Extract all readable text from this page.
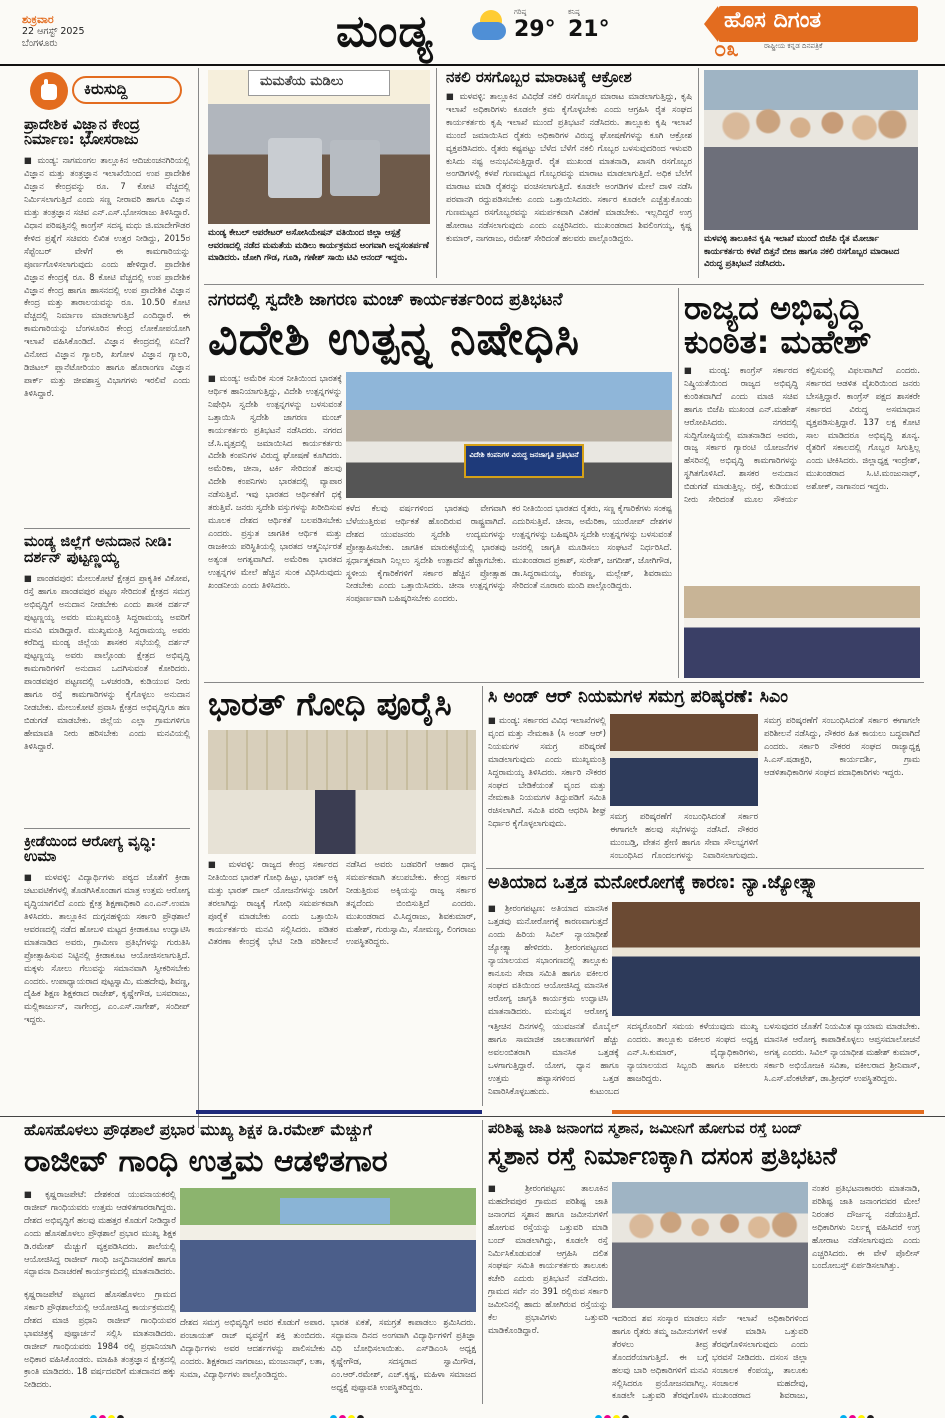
ಶುಕ್ರವಾರ
22 ಆಗಸ್ಟ್ 2025
ಬೆಂಗಳೂರು	ಮಂಡ್ಯ	ಗರಿಷ್ಠ
29°
ಕನಿಷ್ಠ
21°	ಹೊಸ ದಿಗಂತ
೦೩	ರಾಷ್ಟ್ರೀಯ ಕನ್ನಡ ದಿನಪತ್ರಿಕೆ
ಕಿರುಸುದ್ದಿ
ಪ್ರಾದೇಶಿಕ ವಿಜ್ಞಾನ ಕೇಂದ್ರ ನಿರ್ಮಾಣ: ಭೋಸರಾಜು
■ ಮಂಡ್ಯ: ನಾಗಮಂಗಲ ತಾಲ್ಲೂಕಿನ ಆದಿಚುಂಚನಗಿರಿಯಲ್ಲಿ ವಿಜ್ಞಾನ ಮತ್ತು ತಂತ್ರಜ್ಞಾನ ಇಲಾಖೆಯಿಂದ ಉಪ ಪ್ರಾದೇಶಿಕ ವಿಜ್ಞಾನ ಕೇಂದ್ರವನ್ನು ರೂ. 7 ಕೋಟಿ ವೆಚ್ಚದಲ್ಲಿ ನಿರ್ಮಿಸಲಾಗುತ್ತಿದೆ ಎಂದು ಸಣ್ಣ ನೀರಾವರಿ ಹಾಗೂ ವಿಜ್ಞಾನ ಮತ್ತು ತಂತ್ರಜ್ಞಾನ ಸಚಿವ ಎನ್.ಎಸ್.ಭೋಸರಾಜು ತಿಳಿಸಿದ್ದಾರೆ. ವಿಧಾನ ಪರಿಷತ್ತಿನಲ್ಲಿ ಕಾಂಗ್ರೆಸ್ ಸದಸ್ಯ ಮಧು ಜಿ.ಮಾದೇಗೌಡರ ಕೇಳಿದ ಪ್ರಶ್ನೆಗೆ ಸಚಿವರು ಲಿಖಿತ ಉತ್ತರ ನೀಡಿದ್ದು, 2015ರ ಸೆಪ್ಟೆಂಬರ್ ವೇಳೆಗೆ ಈ ಕಾಮಗಾರಿಯನ್ನು ಪೂರ್ಣಗೊಳಿಸಲಾಗುವುದು ಎಂದು ಹೇಳಿದ್ದಾರೆ. ಪ್ರಾದೇಶಿಕ ವಿಜ್ಞಾನ ಕೇಂದ್ರಕ್ಕೆ ರೂ. 8 ಕೋಟಿ ವೆಚ್ಚದಲ್ಲಿ ಉಪ ಪ್ರಾದೇಶಿಕ ವಿಜ್ಞಾನ ಕೇಂದ್ರ ಹಾಗೂ ಹಾಸನದಲ್ಲಿ ಉಪ ಪ್ರಾದೇಶಿಕ ವಿಜ್ಞಾನ ಕೇಂದ್ರ ಮತ್ತು ತಾರಾಲಯವನ್ನು ರೂ. 10.50 ಕೋಟಿ ವೆಚ್ಚದಲ್ಲಿ ನಿರ್ಮಾಣ ಮಾಡಲಾಗುತ್ತಿದೆ ಎಂದಿದ್ದಾರೆ. ಈ ಕಾಮಗಾರಿಯನ್ನು ಬೆಂಗಳೂರಿನ ಕೇಂದ್ರ ಲೋಕೋಪಯೋಗಿ ಇಲಾಖೆ ವಹಿಸಿಕೊಂಡಿದೆ. ವಿಜ್ಞಾನ ಕೇಂದ್ರದಲ್ಲಿ ಏನಿದೆ? ವಿನೋದ ವಿಜ್ಞಾನ ಗ್ಯಾಲರಿ, ಖಗೋಳ ವಿಜ್ಞಾನ ಗ್ಯಾಲರಿ, ಡಿಜಿಟಲ್ ಪ್ಲಾನೆಟೋರಿಯಂ ಹಾಗೂ ಹೊರಾಂಗಣ ವಿಜ್ಞಾನ ಪಾರ್ಕ್ ಮತ್ತು ಜೀವಶಾಸ್ತ್ರ ವಿಭಾಗಗಳು ಇರಲಿವೆ ಎಂದು ತಿಳಿಸಿದ್ದಾರೆ.
ಮಂಡ್ಯ ಜಿಲ್ಲೆಗೆ ಅನುದಾನ ನೀಡಿ: ದರ್ಶನ್ ಪುಟ್ಟಣ್ಣಯ್ಯ
■ ಪಾಂಡವಪುರ: ಮೇಲುಕೋಟೆ ಕ್ಷೇತ್ರದ ಪ್ರಾಕೃತಿಕ ವಿಕೋಪ, ರಸ್ತೆ ಹಾಗೂ ಪಾಂಡವಪುರ ಪಟ್ಟಣ ಸೇರಿದಂತೆ ಕ್ಷೇತ್ರದ ಸಮಗ್ರ ಅಭಿವೃದ್ಧಿಗೆ ಅನುದಾನ ನೀಡಬೇಕು ಎಂದು ಶಾಸಕ ದರ್ಶನ್ ಪುಟ್ಟಣ್ಣಯ್ಯ ಅವರು ಮುಖ್ಯಮಂತ್ರಿ ಸಿದ್ದರಾಮಯ್ಯ ಅವರಿಗೆ ಮನವಿ ಮಾಡಿದ್ದಾರೆ. ಮುಖ್ಯಮಂತ್ರಿ ಸಿದ್ದರಾಮಯ್ಯ ಅವರು ಕರೆದಿದ್ದ ಮಂಡ್ಯ ಜಿಲ್ಲೆಯ ಶಾಸಕರ ಸಭೆಯಲ್ಲಿ ದರ್ಶನ್ ಪುಟ್ಟಣ್ಣಯ್ಯ ಅವರು ಪಾಲ್ಗೊಂಡು ಕ್ಷೇತ್ರದ ಅಭಿವೃದ್ಧಿ ಕಾಮಗಾರಿಗಳಿಗೆ ಅನುದಾನ ಒದಗಿಸುವಂತೆ ಕೋರಿದರು. ಪಾಂಡವಪುರ ಪಟ್ಟಣದಲ್ಲಿ ಒಳಚರಂಡಿ, ಕುಡಿಯುವ ನೀರು ಹಾಗೂ ರಸ್ತೆ ಕಾಮಗಾರಿಗಳನ್ನು ಕೈಗೊಳ್ಳಲು ಅನುದಾನ ನೀಡಬೇಕು. ಮೇಲುಕೋಟೆ ಪ್ರವಾಸಿ ಕ್ಷೇತ್ರದ ಅಭಿವೃದ್ಧಿಗೂ ಹಣ ಬಿಡುಗಡೆ ಮಾಡಬೇಕು. ಜಿಲ್ಲೆಯ ಎಲ್ಲಾ ಗ್ರಾಮಗಳಿಗೂ ಹೇಮಾವತಿ ನೀರು ಹರಿಸಬೇಕು ಎಂದು ಮನವಿಯಲ್ಲಿ ತಿಳಿಸಿದ್ದಾರೆ.
ಕ್ರೀಡೆಯಿಂದ ಆರೋಗ್ಯ ವೃದ್ಧಿ: ಉಮಾ
■ ಮಳವಳ್ಳಿ: ವಿದ್ಯಾರ್ಥಿಗಳು ಪಠ್ಯದ ಜೊತೆಗೆ ಕ್ರೀಡಾ ಚಟುವಟಿಕೆಗಳಲ್ಲಿ ತೊಡಗಿಸಿಕೊಂಡಾಗ ಮಾತ್ರ ಉತ್ತಮ ಆರೋಗ್ಯ ವೃದ್ಧಿಯಾಗಲಿದೆ ಎಂದು ಕ್ಷೇತ್ರ ಶಿಕ್ಷಣಾಧಿಕಾರಿ ಎಂ.ಎನ್.ಉಮಾ ತಿಳಿಸಿದರು. ತಾಲ್ಲೂಕಿನ ದುಗ್ಗನಹಳ್ಳಿಯ ಸರ್ಕಾರಿ ಪ್ರೌಢಶಾಲೆ ಆವರಣದಲ್ಲಿ ನಡೆದ ಹೋಬಳಿ ಮಟ್ಟದ ಕ್ರೀಡಾಕೂಟ ಉದ್ಘಾಟಿಸಿ ಮಾತನಾಡಿದ ಅವರು, ಗ್ರಾಮೀಣ ಪ್ರತಿಭೆಗಳನ್ನು ಗುರುತಿಸಿ ಪ್ರೋತ್ಸಾಹಿಸುವ ನಿಟ್ಟಿನಲ್ಲಿ ಕ್ರೀಡಾಕೂಟ ಆಯೋಜಿಸಲಾಗುತ್ತಿದೆ. ಮಕ್ಕಳು ಸೋಲು ಗೆಲುವನ್ನು ಸಮಾನವಾಗಿ ಸ್ವೀಕರಿಸಬೇಕು ಎಂದರು. ಉಪಾಧ್ಯಾಯರಾದ ಪುಟ್ಟಸ್ವಾಮಿ, ಮಹದೇವು, ಶಿವಣ್ಣ, ದೈಹಿಕ ಶಿಕ್ಷಣ ಶಿಕ್ಷಕರಾದ ರಾಜೇಶ್, ಕೃಷ್ಣೇಗೌಡ, ಬಸವರಾಜು, ಮಲ್ಲಿಕಾರ್ಜುನ್, ನಾಗೇಂದ್ರ, ಎಂ.ಎಸ್.ನಾಗೇಶ್, ಸಂದೀಪ್ ಇದ್ದರು.
ಮಮತೆಯ ಮಡಿಲು
ಮಂಡ್ಯ ಕೇಬಲ್ ಆಪರೇಟರ್ ಅಸೋಸಿಯೇಷನ್ ವತಿಯಿಂದ ಜಿಲ್ಲಾ ಆಸ್ಪತ್ರೆ ಆವರಣದಲ್ಲಿ ನಡೆದ ಮಮತೆಯ ಮಡಿಲು ಕಾರ್ಯಕ್ರಮದ ಅಂಗವಾಗಿ ಅನ್ನಸಂತರ್ಪಣೆ ಮಾಡಿದರು. ಜೋಗಿ ಗೌಡ, ಗೂಡಿ, ಗಣೇಶ್ ಸಾಯಿ ಟಿವಿ ಆನಂದ್ ಇದ್ದರು.
ನಕಲಿ ರಸಗೊಬ್ಬರ ಮಾರಾಟಕ್ಕೆ ಆಕ್ರೋಶ
■ ಮಳವಳ್ಳಿ: ತಾಲ್ಲೂಕಿನ ವಿವಿಧೆಡೆ ನಕಲಿ ರಸಗೊಬ್ಬರ ಮಾರಾಟ ಮಾಡಲಾಗುತ್ತಿದ್ದು, ಕೃಷಿ ಇಲಾಖೆ ಅಧಿಕಾರಿಗಳು ಕೂಡಲೇ ಕ್ರಮ ಕೈಗೊಳ್ಳಬೇಕು ಎಂದು ಆಗ್ರಹಿಸಿ ರೈತ ಸಂಘದ ಕಾರ್ಯಕರ್ತರು ಕೃಷಿ ಇಲಾಖೆ ಮುಂದೆ ಪ್ರತಿಭಟನೆ ನಡೆಸಿದರು. ತಾಲ್ಲೂಕು ಕೃಷಿ ಇಲಾಖೆ ಮುಂದೆ ಜಮಾಯಿಸಿದ ರೈತರು ಅಧಿಕಾರಿಗಳ ವಿರುದ್ಧ ಘೋಷಣೆಗಳನ್ನು ಕೂಗಿ ಆಕ್ರೋಶ ವ್ಯಕ್ತಪಡಿಸಿದರು. ರೈತರು ಕಷ್ಟಪಟ್ಟು ಬೆಳೆದ ಬೆಳೆಗೆ ನಕಲಿ ಗೊಬ್ಬರ ಬಳಸುವುದರಿಂದ ಇಳುವರಿ ಕುಸಿದು ನಷ್ಟ ಅನುಭವಿಸುತ್ತಿದ್ದಾರೆ. ರೈತ ಮುಖಂಡ ಮಾತನಾಡಿ, ಖಾಸಗಿ ರಸಗೊಬ್ಬರ ಅಂಗಡಿಗಳಲ್ಲಿ ಕಳಪೆ ಗುಣಮಟ್ಟದ ಗೊಬ್ಬರವನ್ನು ಮಾರಾಟ ಮಾಡಲಾಗುತ್ತಿದೆ. ಅಧಿಕ ಬೆಲೆಗೆ ಮಾರಾಟ ಮಾಡಿ ರೈತರನ್ನು ವಂಚಿಸಲಾಗುತ್ತಿದೆ. ಕೂಡಲೇ ಅಂಗಡಿಗಳ ಮೇಲೆ ದಾಳಿ ನಡೆಸಿ ಪರವಾನಗಿ ರದ್ದುಪಡಿಸಬೇಕು ಎಂದು ಒತ್ತಾಯಿಸಿದರು. ಸರ್ಕಾರ ಕೂಡಲೇ ಎಚ್ಚೆತ್ತುಕೊಂಡು ಗುಣಮಟ್ಟದ ರಸಗೊಬ್ಬರವನ್ನು ಸಮರ್ಪಕವಾಗಿ ವಿತರಣೆ ಮಾಡಬೇಕು. ಇಲ್ಲದಿದ್ದರೆ ಉಗ್ರ ಹೋರಾಟ ನಡೆಸಲಾಗುವುದು ಎಂದು ಎಚ್ಚರಿಸಿದರು. ಮುಖಂಡರಾದ ಶಿವಲಿಂಗಯ್ಯ, ಕೃಷ್ಣ ಕುಮಾರ್, ನಾಗರಾಜು, ರಮೇಶ್ ಸೇರಿದಂತೆ ಹಲವರು ಪಾಲ್ಗೊಂಡಿದ್ದರು.	ಮಳವಳ್ಳಿ ತಾಲೂಕಿನ ಕೃಷಿ ಇಲಾಖೆ ಮುಂದೆ ಬಿಜೆಪಿ ರೈತ ಮೋರ್ಚಾ ಕಾರ್ಯಕರ್ತರು ಕಳಪೆ ಬಿತ್ತನೆ ಬೀಜ ಹಾಗೂ ನಕಲಿ ರಸಗೊಬ್ಬರ ಮಾರಾಟದ ವಿರುದ್ಧ ಪ್ರತಿಭಟನೆ ನಡೆಸಿದರು.
ನಗರದಲ್ಲಿ ಸ್ವದೇಶಿ ಜಾಗರಣ ಮಂಚ್ ಕಾರ್ಯಕರ್ತರಿಂದ ಪ್ರತಿಭಟನೆ
ವಿದೇಶಿ ಉತ್ಪನ್ನ ನಿಷೇಧಿಸಿ
■ ಮಂಡ್ಯ: ಅಮೆರಿಕ ಸುಂಕ ನೀತಿಯಿಂದ ಭಾರತಕ್ಕೆ ಆರ್ಥಿಕ ಹಾನಿಯಾಗುತ್ತಿದ್ದು, ವಿದೇಶಿ ಉತ್ಪನ್ನಗಳನ್ನು ನಿಷೇಧಿಸಿ ಸ್ವದೇಶಿ ಉತ್ಪನ್ನಗಳನ್ನು ಬಳಸುವಂತೆ ಒತ್ತಾಯಿಸಿ ಸ್ವದೇಶಿ ಜಾಗರಣ ಮಂಚ್ ಕಾರ್ಯಕರ್ತರು ಪ್ರತಿಭಟನೆ ನಡೆಸಿದರು. ನಗರದ ಜೆ.ಸಿ.ವೃತ್ತದಲ್ಲಿ ಜಮಾಯಿಸಿದ ಕಾರ್ಯಕರ್ತರು ವಿದೇಶಿ ಕಂಪನಿಗಳ ವಿರುದ್ಧ ಘೋಷಣೆ ಕೂಗಿದರು. ಅಮೆರಿಕಾ, ಚೀನಾ, ಟರ್ಕಿ ಸೇರಿದಂತೆ ಹಲವು ವಿದೇಶಿ ಕಂಪನಿಗಳು ಭಾರತದಲ್ಲಿ ವ್ಯಾಪಾರ ನಡೆಸುತ್ತಿವೆ. ಇವು ಭಾರತದ ಆರ್ಥಿಕತೆಗೆ ಧಕ್ಕೆ ತರುತ್ತಿವೆ. ಜನರು ಸ್ವದೇಶಿ ವಸ್ತುಗಳನ್ನು ಖರೀದಿಸುವ ಮೂಲಕ ದೇಶದ ಆರ್ಥಿಕತೆ ಬಲಪಡಿಸಬೇಕು ಎಂದರು. ಪ್ರಸ್ತುತ ಜಾಗತಿಕ ಆರ್ಥಿಕ ಮತ್ತು ರಾಜಕೀಯ ಪರಿಸ್ಥಿತಿಯಲ್ಲಿ ಭಾರತದ ಆತ್ಮನಿರ್ಭರತೆ ಅತ್ಯಂತ ಅಗತ್ಯವಾಗಿದೆ. ಅಮೆರಿಕಾ ಭಾರತದ ಉತ್ಪನ್ನಗಳ ಮೇಲೆ ಹೆಚ್ಚಿನ ಸುಂಕ ವಿಧಿಸಿರುವುದು ಖಂಡನೀಯ ಎಂದು ತಿಳಿಸಿದರು.
ವಿದೇಶಿ ಕಂಪನಿಗಳ ವಿರುದ್ಧ ಜನಜಾಗೃತಿ ಪ್ರತಿಭಟನೆ
ಕಳೆದ ಕೆಲವು ವರ್ಷಗಳಿಂದ ಭಾರತವು ವೇಗವಾಗಿ ಬೆಳೆಯುತ್ತಿರುವ ಆರ್ಥಿಕತೆ ಹೊಂದಿರುವ ರಾಷ್ಟ್ರವಾಗಿದೆ. ದೇಶದ ಯುವಜನರು ಸ್ವದೇಶಿ ಉದ್ಯಮಗಳನ್ನು ಪ್ರೋತ್ಸಾಹಿಸಬೇಕು. ಜಾಗತಿಕ ಮಾರುಕಟ್ಟೆಯಲ್ಲಿ ಭಾರತವು ಸ್ಪರ್ಧಾತ್ಮಕವಾಗಿ ನಿಲ್ಲಲು ಸ್ವದೇಶಿ ಉತ್ಪಾದನೆ ಹೆಚ್ಚಾಗಬೇಕು. ಸ್ಥಳೀಯ ಕೈಗಾರಿಕೆಗಳಿಗೆ ಸರ್ಕಾರ ಹೆಚ್ಚಿನ ಪ್ರೋತ್ಸಾಹ ನೀಡಬೇಕು ಎಂದು ಒತ್ತಾಯಿಸಿದರು. ಚೀನಾ ಉತ್ಪನ್ನಗಳನ್ನು ಸಂಪೂರ್ಣವಾಗಿ ಬಹಿಷ್ಕರಿಸಬೇಕು ಎಂದರು.
ಕರ ನೀತಿಯಿಂದ ಭಾರತದ ರೈತರು, ಸಣ್ಣ ಕೈಗಾರಿಕೆಗಳು ಸಂಕಷ್ಟ ಎದುರಿಸುತ್ತಿವೆ. ಚೀನಾ, ಅಮೆರಿಕಾ, ಯುರೋಪ್ ದೇಶಗಳ ಉತ್ಪನ್ನಗಳನ್ನು ಬಹಿಷ್ಕರಿಸಿ ಸ್ವದೇಶಿ ಉತ್ಪನ್ನಗಳನ್ನು ಬಳಸುವಂತೆ ಜನರಲ್ಲಿ ಜಾಗೃತಿ ಮೂಡಿಸಲು ಸಂಘಟನೆ ನಿರ್ಧರಿಸಿದೆ. ಮುಖಂಡರಾದ ಪ್ರಕಾಶ್, ಸುರೇಶ್, ಜಗದೀಶ್, ಜೋಗಿಗೌಡ, ಡಾ.ಸಿದ್ದರಾಮಯ್ಯ, ಕೆಂಪಣ್ಣ, ಮಲ್ಲೇಶ್, ಶಿವರಾಮು ಸೇರಿದಂತೆ ನೂರಾರು ಮಂದಿ ಪಾಲ್ಗೊಂಡಿದ್ದರು.
ರಾಜ್ಯದ ಅಭಿವೃದ್ಧಿ ಕುಂಠಿತ: ಮಹೇಶ್
■ ಮಂಡ್ಯ: ಕಾಂಗ್ರೆಸ್ ಸರ್ಕಾರದ ನಿಷ್ಕ್ರಿಯತೆಯಿಂದ ರಾಜ್ಯದ ಅಭಿವೃದ್ಧಿ ಕುಂಠಿತವಾಗಿದೆ ಎಂದು ಮಾಜಿ ಸಚಿವ ಹಾಗೂ ಬಿಜೆಪಿ ಮುಖಂಡ ಎನ್.ಮಹೇಶ್ ಆರೋಪಿಸಿದರು. ನಗರದಲ್ಲಿ ಸುದ್ದಿಗೋಷ್ಠಿಯಲ್ಲಿ ಮಾತನಾಡಿದ ಅವರು, ರಾಜ್ಯ ಸರ್ಕಾರ ಗ್ಯಾರಂಟಿ ಯೋಜನೆಗಳ ಹೆಸರಿನಲ್ಲಿ ಅಭಿವೃದ್ಧಿ ಕಾಮಗಾರಿಗಳನ್ನು ಸ್ಥಗಿತಗೊಳಿಸಿದೆ. ಶಾಸಕರ ಅನುದಾನ ಬಿಡುಗಡೆ ಮಾಡುತ್ತಿಲ್ಲ. ರಸ್ತೆ, ಕುಡಿಯುವ ನೀರು ಸೇರಿದಂತೆ ಮೂಲ ಸೌಕರ್ಯ ಕಲ್ಪಿಸುವಲ್ಲಿ ವಿಫಲವಾಗಿದೆ ಎಂದರು. ಸರ್ಕಾರದ ಆಡಳಿತ ವೈಖರಿಯಿಂದ ಜನರು ಬೇಸತ್ತಿದ್ದಾರೆ. ಕಾಂಗ್ರೆಸ್ ಪಕ್ಷದ ಶಾಸಕರೇ ಸರ್ಕಾರದ ವಿರುದ್ಧ ಅಸಮಾಧಾನ ವ್ಯಕ್ತಪಡಿಸುತ್ತಿದ್ದಾರೆ. 137 ಲಕ್ಷ ಕೋಟಿ ಸಾಲ ಮಾಡಿದರೂ ಅಭಿವೃದ್ಧಿ ಶೂನ್ಯ. ರೈತರಿಗೆ ಸಕಾಲದಲ್ಲಿ ಗೊಬ್ಬರ ಸಿಗುತ್ತಿಲ್ಲ ಎಂದು ಟೀಕಿಸಿದರು. ಜಿಲ್ಲಾಧ್ಯಕ್ಷ ಇಂದ್ರೇಶ್, ಮುಖಂಡರಾದ ಸಿ.ಟಿ.ಮಂಜುನಾಥ್, ಅಶೋಕ್, ನಾಗಾನಂದ ಇದ್ದರು.
ಭಾರತ್ ಗೋಧಿ ಪೂರೈಸಿ
■ ಮಳವಳ್ಳಿ: ರಾಜ್ಯದ ಕೇಂದ್ರ ಸರ್ಕಾರದ ನೀತಿಯಿಂದ ಭಾರತ್ ಗೋಧಿ ಹಿಟ್ಟು, ಭಾರತ್ ಅಕ್ಕಿ ಮತ್ತು ಭಾರತ್ ದಾಲ್ ಯೋಜನೆಗಳನ್ನು ಜಾರಿಗೆ ತರಲಾಗಿದ್ದು ರಾಜ್ಯಕ್ಕೆ ಗೋಧಿ ಸಮರ್ಪಕವಾಗಿ ಪೂರೈಕೆ ಮಾಡಬೇಕು ಎಂದು ಒತ್ತಾಯಿಸಿ ಕಾರ್ಯಕರ್ತರು ಮನವಿ ಸಲ್ಲಿಸಿದರು. ಪಡಿತರ ವಿತರಣಾ ಕೇಂದ್ರಕ್ಕೆ ಭೇಟಿ ನೀಡಿ ಪರಿಶೀಲನೆ ನಡೆಸಿದ ಅವರು ಬಡವರಿಗೆ ಆಹಾರ ಧಾನ್ಯ ಸಮರ್ಪಕವಾಗಿ ತಲುಪಬೇಕು. ಕೇಂದ್ರ ಸರ್ಕಾರ ನೀಡುತ್ತಿರುವ ಅಕ್ಕಿಯನ್ನು ರಾಜ್ಯ ಸರ್ಕಾರ ತನ್ನದೆಂದು ಬಿಂಬಿಸುತ್ತಿದೆ ಎಂದರು. ಮುಖಂಡರಾದ ವಿ.ಸಿದ್ದರಾಜು, ಶಿವಕುಮಾರ್, ಮಹೇಶ್, ಗುರುಸ್ವಾಮಿ, ಸೋಮಣ್ಣ, ಲಿಂಗರಾಜು ಉಪಸ್ಥಿತರಿದ್ದರು.
ಸಿ ಅಂಡ್ ಆರ್ ನಿಯಮಗಳ ಸಮಗ್ರ ಪರಿಷ್ಕರಣೆ: ಸಿಎಂ
■ ಮಂಡ್ಯ: ಸರ್ಕಾರದ ವಿವಿಧ ಇಲಾಖೆಗಳಲ್ಲಿ ವೃಂದ ಮತ್ತು ನೇಮಕಾತಿ (ಸಿ ಅಂಡ್ ಆರ್) ನಿಯಮಗಳ ಸಮಗ್ರ ಪರಿಷ್ಕರಣೆ ಮಾಡಲಾಗುವುದು ಎಂದು ಮುಖ್ಯಮಂತ್ರಿ ಸಿದ್ದರಾಮಯ್ಯ ತಿಳಿಸಿದರು. ಸರ್ಕಾರಿ ನೌಕರರ ಸಂಘದ ಬೇಡಿಕೆಯಂತೆ ವೃಂದ ಮತ್ತು ನೇಮಕಾತಿ ನಿಯಮಗಳ ತಿದ್ದುಪಡಿಗೆ ಸಮಿತಿ ರಚಿಸಲಾಗಿದೆ. ಸಮಿತಿ ವರದಿ ಆಧರಿಸಿ ಶೀಘ್ರ ನಿರ್ಧಾರ ಕೈಗೊಳ್ಳಲಾಗುವುದು.
ಸಮಗ್ರ ಪರಿಷ್ಕರಣೆಗೆ ಸಂಬಂಧಿಸಿದಂತೆ ಸರ್ಕಾರ ಈಗಾಗಲೇ ಹಲವು ಸಭೆಗಳನ್ನು ನಡೆಸಿದೆ. ನೌಕರರ ಮುಂಬಡ್ತಿ, ವೇತನ ಶ್ರೇಣಿ ಹಾಗೂ ಸೇವಾ ಸೌಲಭ್ಯಗಳಿಗೆ ಸಂಬಂಧಿಸಿದ ಗೊಂದಲಗಳನ್ನು ನಿವಾರಿಸಲಾಗುವುದು.
ಸಮಗ್ರ ಪರಿಷ್ಕರಣೆಗೆ ಸಂಬಂಧಿಸಿದಂತೆ ಸರ್ಕಾರ ಈಗಾಗಲೇ ಪರಿಶೀಲನೆ ನಡೆಸಿದ್ದು, ನೌಕರರ ಹಿತ ಕಾಯಲು ಬದ್ಧವಾಗಿದೆ ಎಂದರು. ಸರ್ಕಾರಿ ನೌಕರರ ಸಂಘದ ರಾಜ್ಯಾಧ್ಯಕ್ಷ ಸಿ.ಎಸ್.ಷಡಾಕ್ಷರಿ, ಕಾರ್ಯದರ್ಶಿ, ಗ್ರಾಮ ಆಡಳಿತಾಧಿಕಾರಿಗಳ ಸಂಘದ ಪದಾಧಿಕಾರಿಗಳು ಇದ್ದರು.
ಅತಿಯಾದ ಒತ್ತಡ ಮನೋರೋಗಕ್ಕೆ ಕಾರಣ: ನ್ಯಾ.ಜ್ಯೋತ್ಸ್ನಾ
■ ಶ್ರೀರಂಗಪಟ್ಟಣ: ಅತಿಯಾದ ಮಾನಸಿಕ ಒತ್ತಡವು ಮನೋರೋಗಕ್ಕೆ ಕಾರಣವಾಗುತ್ತದೆ ಎಂದು ಹಿರಿಯ ಸಿವಿಲ್ ನ್ಯಾಯಾಧೀಶೆ ಜ್ಯೋತ್ಸ್ನಾ ಹೇಳಿದರು. ಶ್ರೀರಂಗಪಟ್ಟಣದ ನ್ಯಾಯಾಲಯದ ಸಭಾಂಗಣದಲ್ಲಿ ತಾಲ್ಲೂಕು ಕಾನೂನು ಸೇವಾ ಸಮಿತಿ ಹಾಗೂ ವಕೀಲರ ಸಂಘದ ವತಿಯಿಂದ ಆಯೋಜಿಸಿದ್ದ ಮಾನಸಿಕ ಆರೋಗ್ಯ ಜಾಗೃತಿ ಕಾರ್ಯಕ್ರಮ ಉದ್ಘಾಟಿಸಿ ಮಾತನಾಡಿದರು. ಮನುಷ್ಯನ ಆರೋಗ್ಯ
ಇತ್ತೀಚಿನ ದಿನಗಳಲ್ಲಿ ಯುವಜನತೆ ಮೊಬೈಲ್ ಹಾಗೂ ಸಾಮಾಜಿಕ ಜಾಲತಾಣಗಳಿಗೆ ಹೆಚ್ಚು ಅವಲಂಬಿತರಾಗಿ ಮಾನಸಿಕ ಒತ್ತಡಕ್ಕೆ ಒಳಗಾಗುತ್ತಿದ್ದಾರೆ. ಯೋಗ, ಧ್ಯಾನ ಹಾಗೂ ಉತ್ತಮ ಹವ್ಯಾಸಗಳಿಂದ ಒತ್ತಡ ನಿವಾರಿಸಿಕೊಳ್ಳಬಹುದು. ಕುಟುಂಬದ ಸದಸ್ಯರೊಂದಿಗೆ ಸಮಯ ಕಳೆಯುವುದು ಮುಖ್ಯ ಎಂದರು. ತಾಲ್ಲೂಕು ವಕೀಲರ ಸಂಘದ ಅಧ್ಯಕ್ಷ ಎನ್.ಸಿ.ಕುಮಾರ್, ವೈದ್ಯಾಧಿಕಾರಿಗಳು, ನ್ಯಾಯಾಲಯದ ಸಿಬ್ಬಂದಿ ಹಾಗೂ ವಕೀಲರು ಹಾಜರಿದ್ದರು.
ಬಳಸುವುದರ ಜೊತೆಗೆ ನಿಯಮಿತ ವ್ಯಾಯಾಮ ಮಾಡಬೇಕು. ಮಾನಸಿಕ ಆರೋಗ್ಯ ಕಾಪಾಡಿಕೊಳ್ಳಲು ಆಪ್ತಸಮಾಲೋಚನೆ ಅಗತ್ಯ ಎಂದರು. ಸಿವಿಲ್ ನ್ಯಾಯಾಧೀಶ ಮಹೇಶ್ ಕುಮಾರ್, ಸರ್ಕಾರಿ ಅಭಿಯೋಜಕಿ ಸವಿತಾ, ವಕೀಲರಾದ ಶ್ರೀನಿವಾಸ್, ಸಿ.ಎಸ್.ವೆಂಕಟೇಶ್, ಡಾ.ಶ್ರೀಧರ್ ಉಪಸ್ಥಿತರಿದ್ದರು.
ಹೊಸಹೊಳಲು ಪ್ರೌಢಶಾಲೆ ಪ್ರಭಾರ ಮುಖ್ಯ ಶಿಕ್ಷಕ ಡಿ.ರಮೇಶ್ ಮೆಚ್ಚುಗೆ
ರಾಜೀವ್ ಗಾಂಧಿ ಉತ್ತಮ ಆಡಳಿತಗಾರ
■ ಕೃಷ್ಣರಾಜಪೇಟೆ: ದೇಶಕಂಡ ಯುವನಾಯಕರಲ್ಲಿ ರಾಜೀವ್ ಗಾಂಧಿಯವರು ಉತ್ತಮ ಆಡಳಿತಗಾರರಾಗಿದ್ದರು. ದೇಶದ ಅಭಿವೃದ್ಧಿಗೆ ಹಲವು ಮಹತ್ತರ ಕೊಡುಗೆ ನೀಡಿದ್ದಾರೆ ಎಂದು ಹೊಸಹೊಳಲು ಪ್ರೌಢಶಾಲೆ ಪ್ರಭಾರ ಮುಖ್ಯ ಶಿಕ್ಷಕ ಡಿ.ರಮೇಶ್ ಮೆಚ್ಚುಗೆ ವ್ಯಕ್ತಪಡಿಸಿದರು. ಶಾಲೆಯಲ್ಲಿ ಆಯೋಜಿಸಿದ್ದ ರಾಜೀವ್ ಗಾಂಧಿ ಜನ್ಮದಿನಾಚರಣೆ ಹಾಗೂ ಸದ್ಭಾವನಾ ದಿನಾಚರಣೆ ಕಾರ್ಯಕ್ರಮದಲ್ಲಿ ಮಾತನಾಡಿದರು.
ಕೃಷ್ಣರಾಜಪೇಟೆ ಪಟ್ಟಣದ ಹೊಸಹೊಳಲು ಗ್ರಾಮದ ಸರ್ಕಾರಿ ಪ್ರೌಢಶಾಲೆಯಲ್ಲಿ ಆಯೋಜಿಸಿದ್ದ ಕಾರ್ಯಕ್ರಮದಲ್ಲಿ ದೇಶದ ಮಾಜಿ ಪ್ರಧಾನಿ ರಾಜೀವ್ ಗಾಂಧಿಯವರ ಭಾವಚಿತ್ರಕ್ಕೆ ಪುಷ್ಪಾರ್ಚನೆ ಸಲ್ಲಿಸಿ ಮಾತನಾಡಿದರು. ರಾಜೀವ್ ಗಾಂಧಿಯವರು 1984 ರಲ್ಲಿ ಪ್ರಧಾನಿಯಾಗಿ ಅಧಿಕಾರ ವಹಿಸಿಕೊಂಡರು. ಮಾಹಿತಿ ತಂತ್ರಜ್ಞಾನ ಕ್ಷೇತ್ರದಲ್ಲಿ ಕ್ರಾಂತಿ ಮಾಡಿದರು. 18 ವರ್ಷದವರಿಗೆ ಮತದಾನದ ಹಕ್ಕು ನೀಡಿದರು.
ದೇಶದ ಸಮಗ್ರ ಅಭಿವೃದ್ಧಿಗೆ ಅವರ ಕೊಡುಗೆ ಅಪಾರ. ಪಂಚಾಯತ್ ರಾಜ್ ವ್ಯವಸ್ಥೆಗೆ ಶಕ್ತಿ ತುಂಬಿದರು. ವಿದ್ಯಾರ್ಥಿಗಳು ಅವರ ಆದರ್ಶಗಳನ್ನು ಪಾಲಿಸಬೇಕು ಎಂದರು. ಶಿಕ್ಷಕರಾದ ನಾಗರಾಜು, ಮಂಜುನಾಥ್, ಲತಾ, ಸುಮಾ, ವಿದ್ಯಾರ್ಥಿಗಳು ಪಾಲ್ಗೊಂಡಿದ್ದರು.
ಭಾರತ ಏಕತೆ, ಸಮಗ್ರತೆ ಕಾಪಾಡಲು ಶ್ರಮಿಸಿದರು. ಸದ್ಭಾವನಾ ದಿನದ ಅಂಗವಾಗಿ ವಿದ್ಯಾರ್ಥಿಗಳಿಗೆ ಪ್ರತಿಜ್ಞಾ ವಿಧಿ ಬೋಧಿಸಲಾಯಿತು. ಎಸ್‌ಡಿಎಂಸಿ ಅಧ್ಯಕ್ಷ ಕೃಷ್ಣೇಗೌಡ, ಸದಸ್ಯರಾದ ಸ್ವಾಮಿಗೌಡ, ಎಂ.ಆರ್.ರಮೇಶ್, ಎಚ್.ಕೃಷ್ಣ, ಮಹಿಳಾ ಸಮಾಜದ ಅಧ್ಯಕ್ಷೆ ಪುಷ್ಪಾವತಿ ಉಪಸ್ಥಿತರಿದ್ದರು.
ಪರಿಶಿಷ್ಟ ಜಾತಿ ಜನಾಂಗದ ಸ್ಮಶಾನ, ಜಮೀನಿಗೆ ಹೋಗುವ ರಸ್ತೆ ಬಂದ್
ಸ್ಮಶಾನ ರಸ್ತೆ ನಿರ್ಮಾಣಕ್ಕಾಗಿ ದಸಂಸ ಪ್ರತಿಭಟನೆ
■ ಶ್ರೀರಂಗಪಟ್ಟಣ: ತಾಲೂಕಿನ ಮಹದೇವಪುರ ಗ್ರಾಮದ ಪರಿಶಿಷ್ಟ ಜಾತಿ ಜನಾಂಗದ ಸ್ಮಶಾನ ಹಾಗೂ ಜಮೀನುಗಳಿಗೆ ಹೋಗುವ ರಸ್ತೆಯನ್ನು ಒತ್ತುವರಿ ಮಾಡಿ ಬಂದ್ ಮಾಡಲಾಗಿದ್ದು, ಕೂಡಲೇ ರಸ್ತೆ ನಿರ್ಮಿಸಿಕೊಡುವಂತೆ ಆಗ್ರಹಿಸಿ ದಲಿತ ಸಂಘರ್ಷ ಸಮಿತಿ ಕಾರ್ಯಕರ್ತರು ತಾಲೂಕು ಕಚೇರಿ ಎದುರು ಪ್ರತಿಭಟನೆ ನಡೆಸಿದರು. ಗ್ರಾಮದ ಸರ್ವೆ ನಂ 391 ರಲ್ಲಿರುವ ಸರ್ಕಾರಿ ಜಮೀನಿನಲ್ಲಿ ಹಾದು ಹೋಗಿರುವ ರಸ್ತೆಯನ್ನು ಕೆಲ ಪ್ರಭಾವಿಗಳು ಒತ್ತುವರಿ ಮಾಡಿಕೊಂಡಿದ್ದಾರೆ.
ಇದರಿಂದ ಶವ ಸಂಸ್ಕಾರ ಮಾಡಲು ಹಾಗೂ ರೈತರು ತಮ್ಮ ಜಮೀನುಗಳಿಗೆ ತೆರಳಲು ತೀವ್ರ ತೊಂದರೆಯಾಗುತ್ತಿದೆ. ಈ ಬಗ್ಗೆ ಹಲವು ಬಾರಿ ಅಧಿಕಾರಿಗಳಿಗೆ ಮನವಿ ಸಲ್ಲಿಸಿದರೂ ಪ್ರಯೋಜನವಾಗಿಲ್ಲ. ಕೂಡಲೇ ಒತ್ತುವರಿ ತೆರವುಗೊಳಿಸಿ
ಸರ್ವೆ ಇಲಾಖೆ ಅಧಿಕಾರಿಗಳಿಂದ ಅಳತೆ ಮಾಡಿಸಿ ಒತ್ತುವರಿ ತೆರವುಗೊಳಿಸಲಾಗುವುದು ಎಂದು ಭರವಸೆ ನೀಡಿದರು. ದಸಂಸ ಜಿಲ್ಲಾ ಸಂಚಾಲಕ ಕೆಂಪಯ್ಯ, ತಾಲೂಕು ಸಂಚಾಲಕ ಮಹದೇವು, ಮುಖಂಡರಾದ ಶಿವರಾಜು,
ನಂತರ ಪ್ರತಿಭಟನಾಕಾರರು ಮಾತನಾಡಿ, ಪರಿಶಿಷ್ಟ ಜಾತಿ ಜನಾಂಗದವರ ಮೇಲೆ ನಿರಂತರ ದೌರ್ಜನ್ಯ ನಡೆಯುತ್ತಿದೆ. ಅಧಿಕಾರಿಗಳು ನಿರ್ಲಕ್ಷ್ಯ ವಹಿಸಿದರೆ ಉಗ್ರ ಹೋರಾಟ ನಡೆಸಲಾಗುವುದು ಎಂದು ಎಚ್ಚರಿಸಿದರು. ಈ ವೇಳೆ ಪೊಲೀಸ್ ಬಂದೋಬಸ್ತ್ ಏರ್ಪಡಿಸಲಾಗಿತ್ತು.
